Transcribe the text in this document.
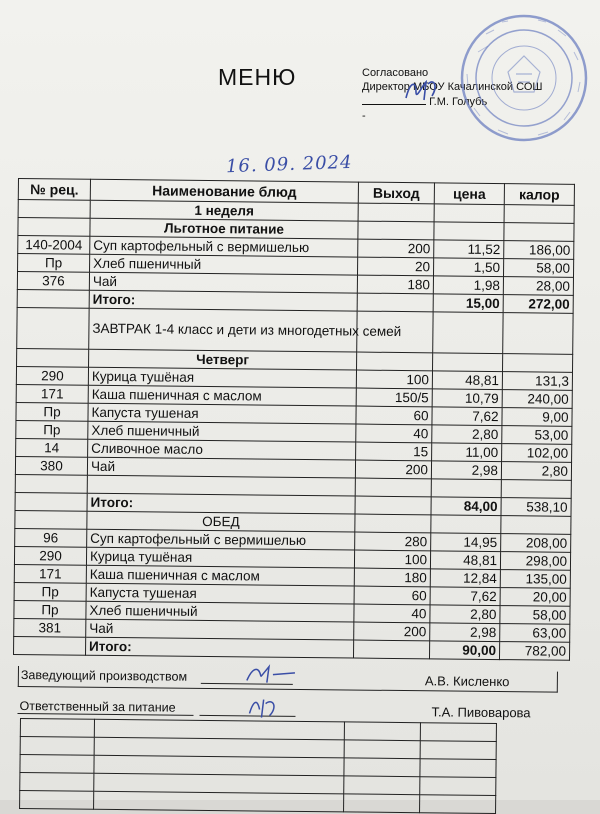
МЕНЮ	Согласовано
Директор МБОУ Качалинской СОШ
Г.М. Голубь
-
16. 09. 2024
№ рец.	Наименование блюд	Выход	цена	калор
	1 неделя			
	Льготное питание			
140-2004	Суп картофельный с вермишелью	200	11,52	186,00
Пр	Хлеб пшеничный	20	1,50	58,00
376	Чай	180	1,98	28,00
	Итого:		15,00	272,00
	ЗАВТРАК 1-4 класс и дети из многодетных семей			
	Четверг			
290	Курица тушёная	100	48,81	131,3
171	Каша пшеничная с маслом	150/5	10,79	240,00
Пр	Капуста тушеная	60	7,62	9,00
Пр	Хлеб пшеничный	40	2,80	53,00
14	Сливочное масло	15	11,00	102,00
380	Чай	200	2,98	2,80

	Итого:		84,00	538,10
	ОБЕД			
96	Суп картофельный с вермишелью	280	14,95	208,00
290	Курица тушёная	100	48,81	298,00
171	Каша пшеничная с маслом	180	12,84	135,00
Пр	Капуста тушеная	60	7,62	20,00
Пр	Хлеб пшеничный	40	2,80	58,00
381	Чай	200	2,98	63,00
	Итого:		90,00	782,00
Заведующий производством	А.В. Кисленко
Ответственный за питание	Т.А. Пивоварова
